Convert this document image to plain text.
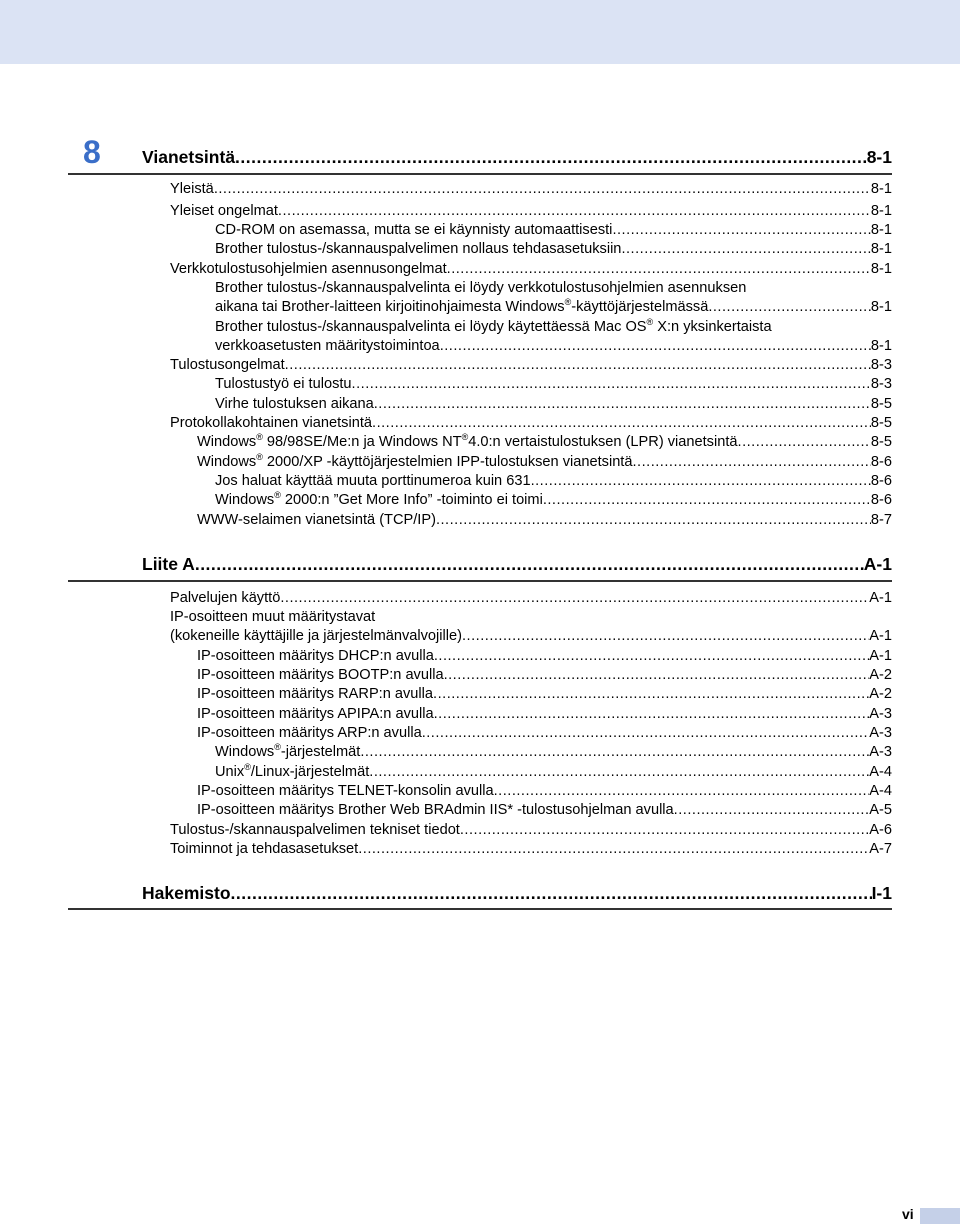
8 Vianetsintä .....	8-1
Yleistä .....	8-1
Yleiset ongelmat .....	8-1
CD-ROM on asemassa, mutta se ei käynnisty automaattisesti .....	8-1
Brother tulostus-/skannauspalvelimen nollaus tehdasasetuksiin .....	8-1
Verkkotulostusohjelmien asennusongelmat .....	8-1
Brother tulostus-/skannauspalvelinta ei löydy verkkotulostusohjelmien asennuksen
aikana tai Brother-laitteen kirjoitinohjaimesta Windows®-käyttöjärjestelmässä .....	8-1
Brother tulostus-/skannauspalvelinta ei löydy käytettäessä Mac OS® X:n yksinkertaista
verkkoasetusten määritystoimintoa .....	8-1
Tulostusongelmat .....	8-3
Tulostustyö ei tulostu .....	8-3
Virhe tulostuksen aikana .....	8-5
Protokollakohtainen vianetsintä .....	8-5
Windows® 98/98SE/Me:n ja Windows NT®4.0:n vertaistulostuksen (LPR) vianetsintä .....	8-5
Windows® 2000/XP -käyttöjärjestelmien IPP-tulostuksen vianetsintä .....	8-6
Jos haluat käyttää muuta porttinumeroa kuin 631 .....	8-6
Windows® 2000:n ”Get More Info” -toiminto ei toimi .....	8-6
WWW-selaimen vianetsintä (TCP/IP) .....	8-7
Liite A .....	A-1
Palvelujen käyttö .....	A-1
IP-osoitteen muut määritystavat
(kokeneille käyttäjille ja järjestelmänvalvojille) .....	A-1
IP-osoitteen määritys DHCP:n avulla .....	A-1
IP-osoitteen määritys BOOTP:n avulla .....	A-2
IP-osoitteen määritys RARP:n avulla .....	A-2
IP-osoitteen määritys APIPA:n avulla .....	A-3
IP-osoitteen määritys ARP:n avulla .....	A-3
Windows®-järjestelmät .....	A-3
Unix®/Linux-järjestelmät .....	A-4
IP-osoitteen määritys TELNET-konsolin avulla .....	A-4
IP-osoitteen määritys Brother Web BRAdmin IIS* -tulostusohjelman avulla .....	A-5
Tulostus-/skannauspalvelimen tekniset tiedot .....	A-6
Toiminnot ja tehdasasetukset .....	A-7
Hakemisto .....	I-1
vi
